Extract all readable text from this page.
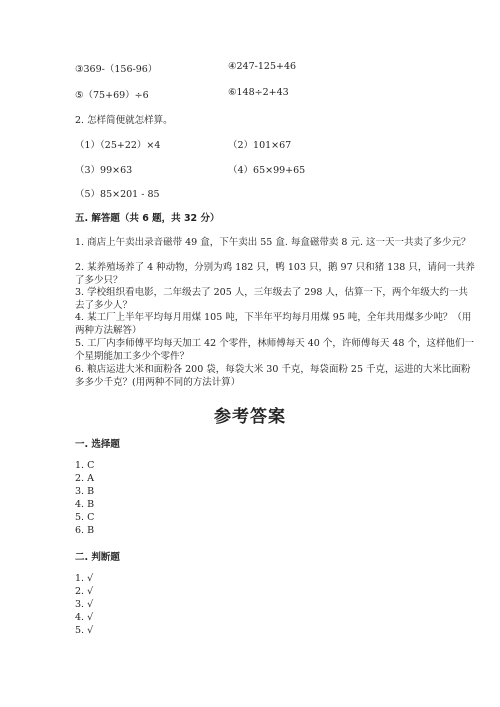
③369-（156-96）	④247-125+46
⑤（75+69）÷6	⑥148÷2+43
2. 怎样简便就怎样算。
（1）（25+22）×4	（2）101×67
（3）99×63	（4）65×99+65
（5）85×201 - 85
五. 解答题（共 6 题，共 32 分）
1. 商店上午卖出录音磁带 49 盒，下午卖出 55 盒. 每盒磁带卖 8 元. 这一天一共卖了多少元？
2. 某养殖场养了 4 种动物，分别为鸡 182 只，鸭 103 只，鹅 97 只和猪 138 只，请问一共养了多少只？
3. 学校组织看电影，二年级去了 205 人，三年级去了 298 人，估算一下，两个年级大约一共去了多少人？
4. 某工厂上半年平均每月用煤 105 吨，下半年平均每月用煤 95 吨，全年共用煤多少吨？（用两种方法解答）
5. 工厂内李师傅平均每天加工 42 个零件，林师傅每天 40 个，许师傅每天 48 个，这样他们一个星期能加工多少个零件？
6. 粮店运进大米和面粉各 200 袋，每袋大米 30 千克，每袋面粉 25 千克，运进的大米比面粉多多少千克？(用两种不同的方法计算）
参考答案
一. 选择题
1. C
2. A
3. B
4. B
5. C
6. B
二. 判断题
1. √
2. √
3. √
4. √
5. √
